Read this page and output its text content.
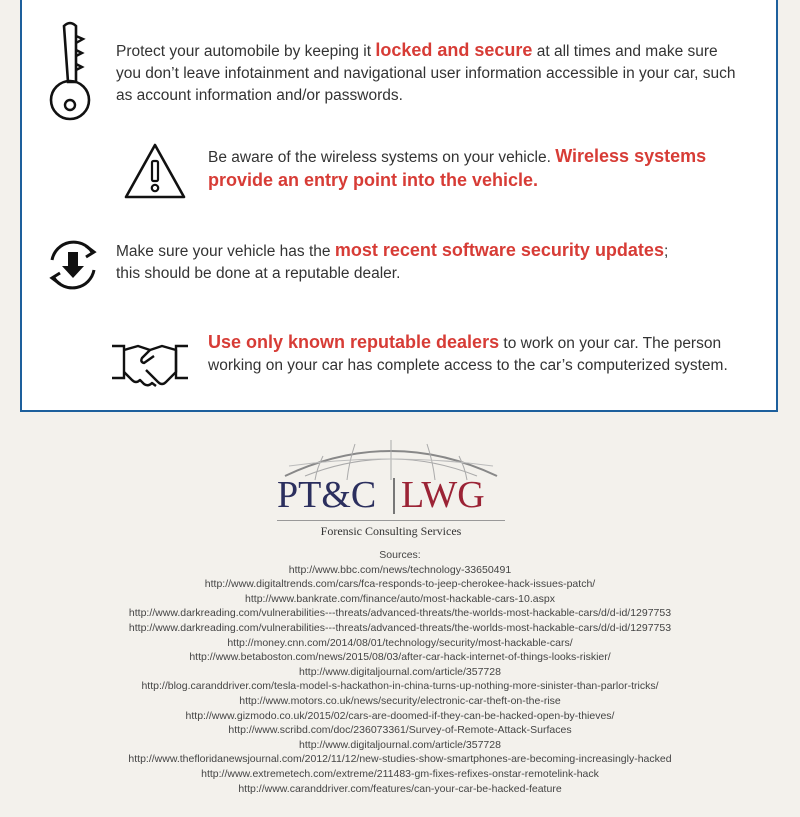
Protect your automobile by keeping it locked and secure at all times and make sure you don’t leave infotainment and navigational user information accessible in your car, such as account information and/or passwords.
Be aware of the wireless systems on your vehicle. Wireless systems provide an entry point into the vehicle.
Make sure your vehicle has the most recent software security updates; this should be done at a reputable dealer.
Use only known reputable dealers to work on your car. The person working on your car has complete access to the car’s computerized system.
PT&C LWG
Forensic Consulting Services
Sources:
http://www.bbc.com/news/technology-33650491
http://www.digitaltrends.com/cars/fca-responds-to-jeep-cherokee-hack-issues-patch/
http://www.bankrate.com/finance/auto/most-hackable-cars-10.aspx
http://www.darkreading.com/vulnerabilities---threats/advanced-threats/the-worlds-most-hackable-cars/d/d-id/1297753
http://www.darkreading.com/vulnerabilities---threats/advanced-threats/the-worlds-most-hackable-cars/d/d-id/1297753
http://money.cnn.com/2014/08/01/technology/security/most-hackable-cars/
http://www.betaboston.com/news/2015/08/03/after-car-hack-internet-of-things-looks-riskier/
http://www.digitaljournal.com/article/357728
http://blog.caranddriver.com/tesla-model-s-hackathon-in-china-turns-up-nothing-more-sinister-than-parlor-tricks/
http://www.motors.co.uk/news/security/electronic-car-theft-on-the-rise
http://www.gizmodo.co.uk/2015/02/cars-are-doomed-if-they-can-be-hacked-open-by-thieves/
http://www.scribd.com/doc/236073361/Survey-of-Remote-Attack-Surfaces
http://www.digitaljournal.com/article/357728
http://www.thefloridanewsjournal.com/2012/11/12/new-studies-show-smartphones-are-becoming-increasingly-hacked
http://www.extremetech.com/extreme/211483-gm-fixes-refixes-onstar-remotelink-hack
http://www.caranddriver.com/features/can-your-car-be-hacked-feature
